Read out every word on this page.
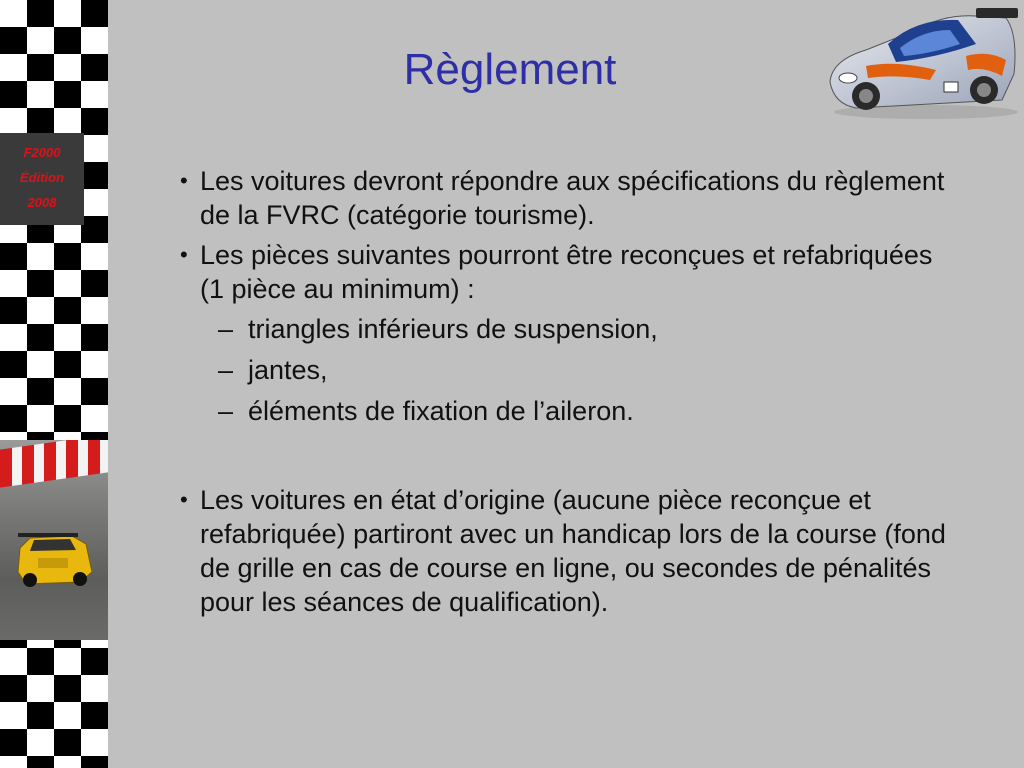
F2000
Édition
2008
Règlement
• Les voitures devront répondre aux spécifications du règlement de la FVRC (catégorie tourisme).
• Les pièces suivantes pourront être reconçues et refabriquées (1 pièce au minimum) :
– triangles inférieurs de suspension,
– jantes,
– éléments de fixation de l’aileron.
• Les voitures en état d’origine (aucune pièce reconçue et refabriquée) partiront avec un handicap lors de la course (fond de grille en cas de course en ligne, ou secondes de pénalités pour les séances de qualification).
